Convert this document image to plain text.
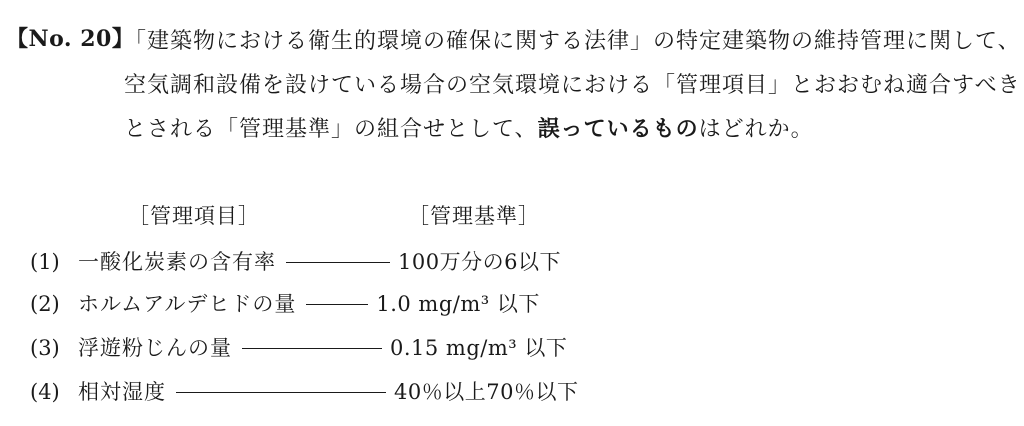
【No. 20】
「建築物における衛生的環境の確保に関する法律」の特定建築物の維持管理に関して、
空気調和設備を設けている場合の空気環境における「管理項目」とおおむね適合すべき
とされる「管理基準」の組合せとして、誤っているものはどれか。
［管理項目］	［管理基準］
(1) 一酸化炭素の含有率	100万分の6以下
(2) ホルムアルデヒドの量	1.0 mg/m³ 以下
(3) 浮遊粉じんの量	0.15 mg/m³ 以下
(4) 相対湿度	40％以上70％以下
